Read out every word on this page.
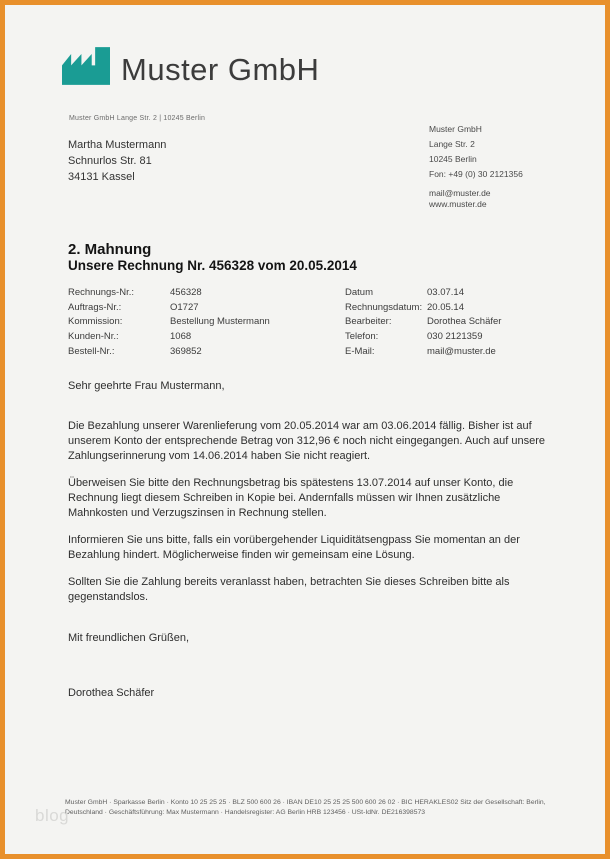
Muster GmbH
Muster GmbH Lange Str. 2 | 10245 Berlin
Martha Mustermann
Schnurlos Str. 81
34131 Kassel
Muster GmbH
Lange Str. 2
10245 Berlin
Fon: +49 (0) 30 2121356
mail@muster.de
www.muster.de
2. Mahnung
Unsere Rechnung Nr. 456328 vom 20.05.2014
Rechnungs-Nr.:	456328
Auftrags-Nr.:	O1727
Kommission:	Bestellung Mustermann
Kunden-Nr.:	1068
Bestell-Nr.:	369852
Datum	03.07.14
Rechnungsdatum: 20.05.14
Bearbeiter:	Dorothea Schäfer
Telefon:	030 2121359
E-Mail:	mail@muster.de

Sehr geehrte Frau Mustermann,

Die Bezahlung unserer Warenlieferung vom 20.05.2014 war am 03.06.2014 fällig. Bisher ist auf unserem Konto der entsprechende Betrag von 312,96 € noch nicht eingegangen. Auch auf unsere Zahlungserinnerung vom 14.06.2014 haben Sie nicht reagiert.

Überweisen Sie bitte den Rechnungsbetrag bis spätestens 13.07.2014 auf unser Konto, die Rechnung liegt diesem Schreiben in Kopie bei. Andernfalls müssen wir Ihnen zusätzliche Mahnkosten und Verzugszinsen in Rechnung stellen.

Informieren Sie uns bitte, falls ein vorübergehender Liquiditätsengpass Sie momentan an der Bezahlung hindert. Möglicherweise finden wir gemeinsam eine Lösung.

Sollten Sie die Zahlung bereits veranlasst haben, betrachten Sie dieses Schreiben bitte als gegenstandslos.

Mit freundlichen Grüßen,

Dorothea Schäfer

Muster GmbH · Sparkasse Berlin · Konto 10 25 25 25 · BLZ 500 600 26 · IBAN DE10 25 25 25 500 600 26 02 · BIC HERAKLES02 Sitz der Gesellschaft: Berlin,
Deutschland · Geschäftsführung: Max Mustermann · Handelsregister: AG Berlin HRB 123456 · USt-IdNr. DE216398573
blog
